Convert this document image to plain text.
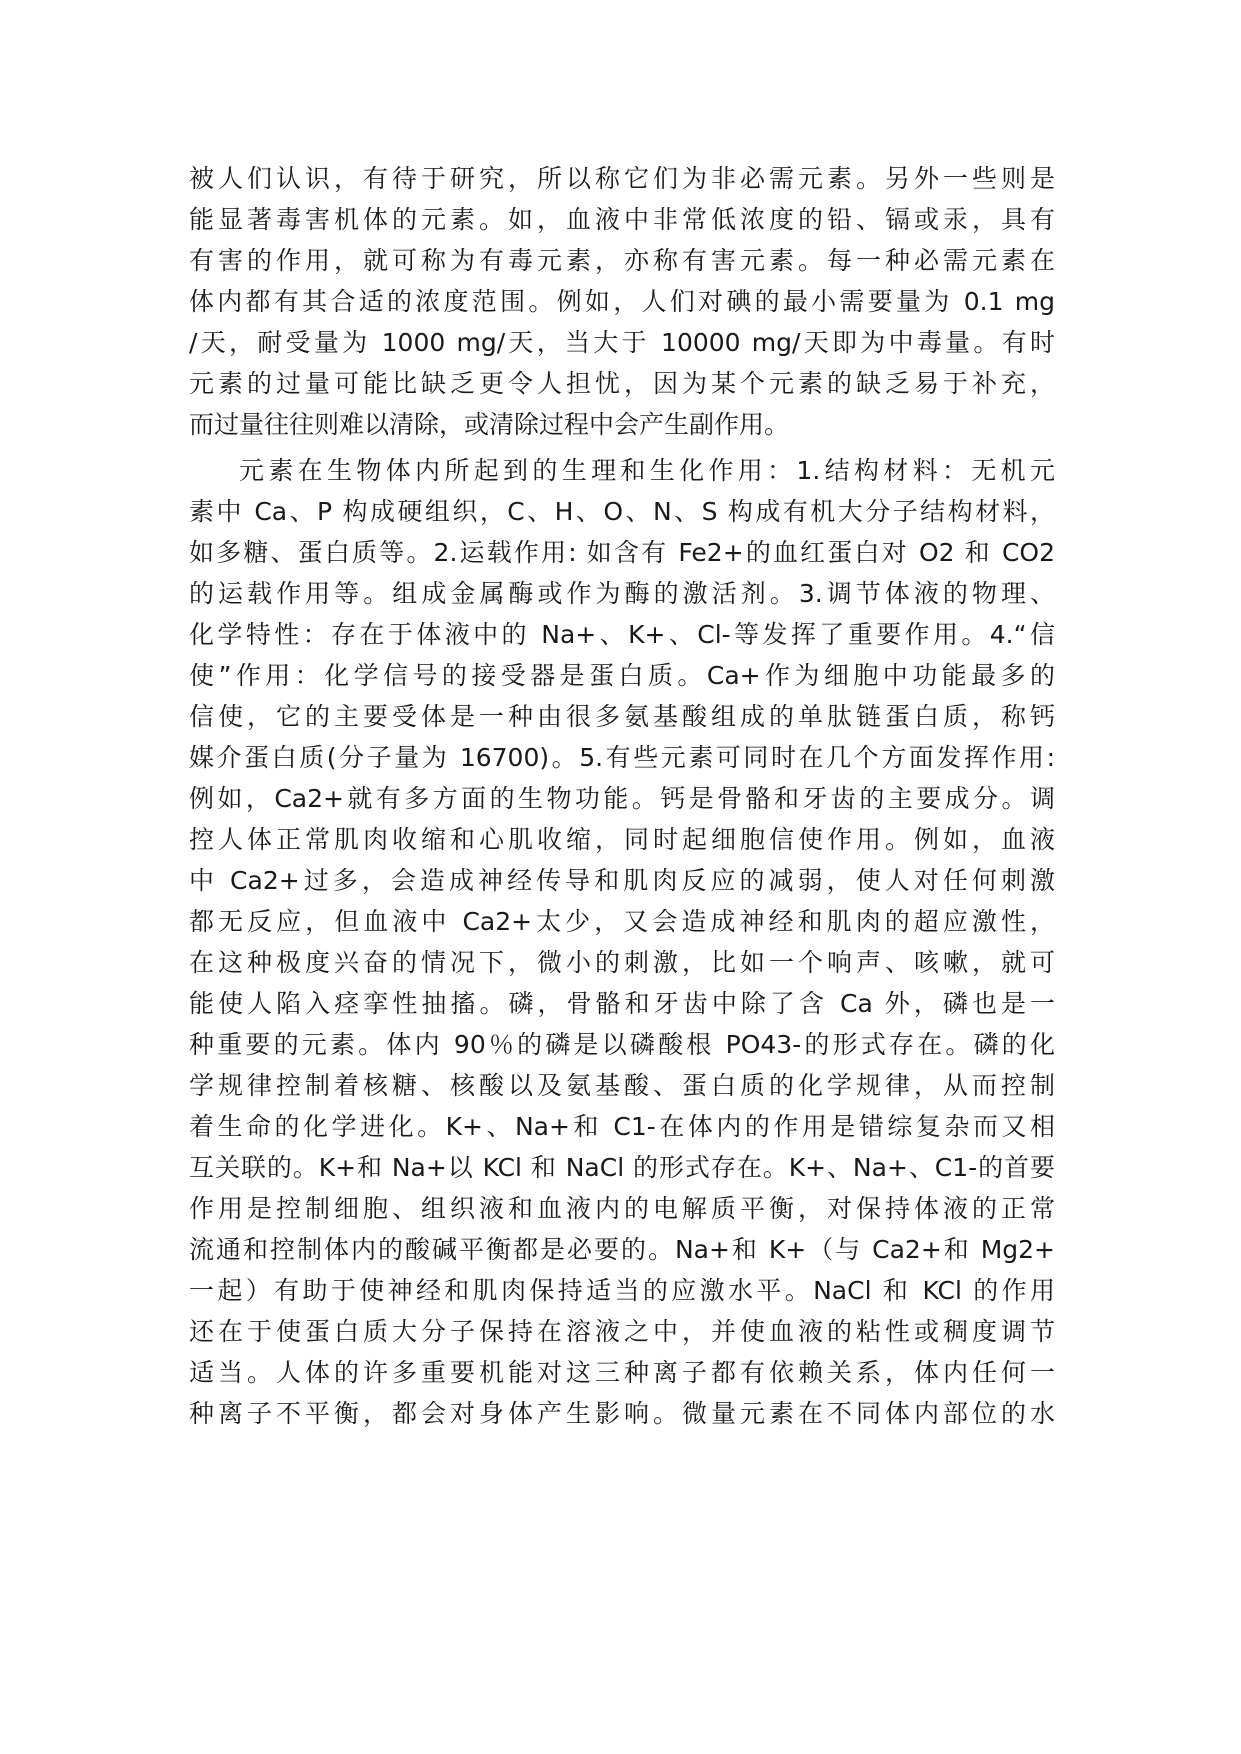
被人们认识，有待于研究，所以称它们为非必需元素。另外一些则是
能显著毒害机体的元素。如，血液中非常低浓度的铅、镉或汞，具有
有害的作用，就可称为有毒元素，亦称有害元素。每一种必需元素在
体内都有其合适的浓度范围。例如，人们对碘的最小需要量为 0.1 mg
/天，耐受量为 1000 mg/天，当大于 10000 mg/天即为中毒量。有时
元素的过量可能比缺乏更令人担忧，因为某个元素的缺乏易于补充，
而过量往往则难以清除，或清除过程中会产生副作用。
元素在生物体内所起到的生理和生化作用：1.结构材料：无机元
素中 Ca、P 构成硬组织，C、H、O、N、S 构成有机大分子结构材料，
如多糖、蛋白质等。2.运载作用: 如含有 Fe2+的血红蛋白对 O2 和 CO2
的运载作用等。组成金属酶或作为酶的激活剂。3.调节体液的物理、
化学特性：存在于体液中的 Na+、K+、Cl-等发挥了重要作用。4.“信
使”作用：化学信号的接受器是蛋白质。Ca+作为细胞中功能最多的
信使，它的主要受体是一种由很多氨基酸组成的单肽链蛋白质，称钙
媒介蛋白质(分子量为 16700)。5.有些元素可同时在几个方面发挥作用:
例如，Ca2+就有多方面的生物功能。钙是骨骼和牙齿的主要成分。调
控人体正常肌肉收缩和心肌收缩，同时起细胞信使作用。例如，血液
中 Ca2+过多，会造成神经传导和肌肉反应的减弱，使人对任何刺激
都无反应，但血液中 Ca2+太少，又会造成神经和肌肉的超应激性，
在这种极度兴奋的情况下，微小的刺激，比如一个响声、咳嗽，就可
能使人陷入痉挛性抽搐。磷，骨骼和牙齿中除了含 Ca 外，磷也是一
种重要的元素。体内 90％的磷是以磷酸根 PO43-的形式存在。磷的化
学规律控制着核糖、核酸以及氨基酸、蛋白质的化学规律，从而控制
着生命的化学进化。K+、Na+和 C1-在体内的作用是错综复杂而又相
互关联的。K+和 Na+以 KCl 和 NaCl 的形式存在。K+、Na+、C1-的首要
作用是控制细胞、组织液和血液内的电解质平衡，对保持体液的正常
流通和控制体内的酸碱平衡都是必要的。Na+和 K+（与 Ca2+和 Mg2+
一起）有助于使神经和肌肉保持适当的应激水平。NaCl 和 KCl 的作用
还在于使蛋白质大分子保持在溶液之中，并使血液的粘性或稠度调节
适当。人体的许多重要机能对这三种离子都有依赖关系，体内任何一
种离子不平衡，都会对身体产生影响。微量元素在不同体内部位的水
